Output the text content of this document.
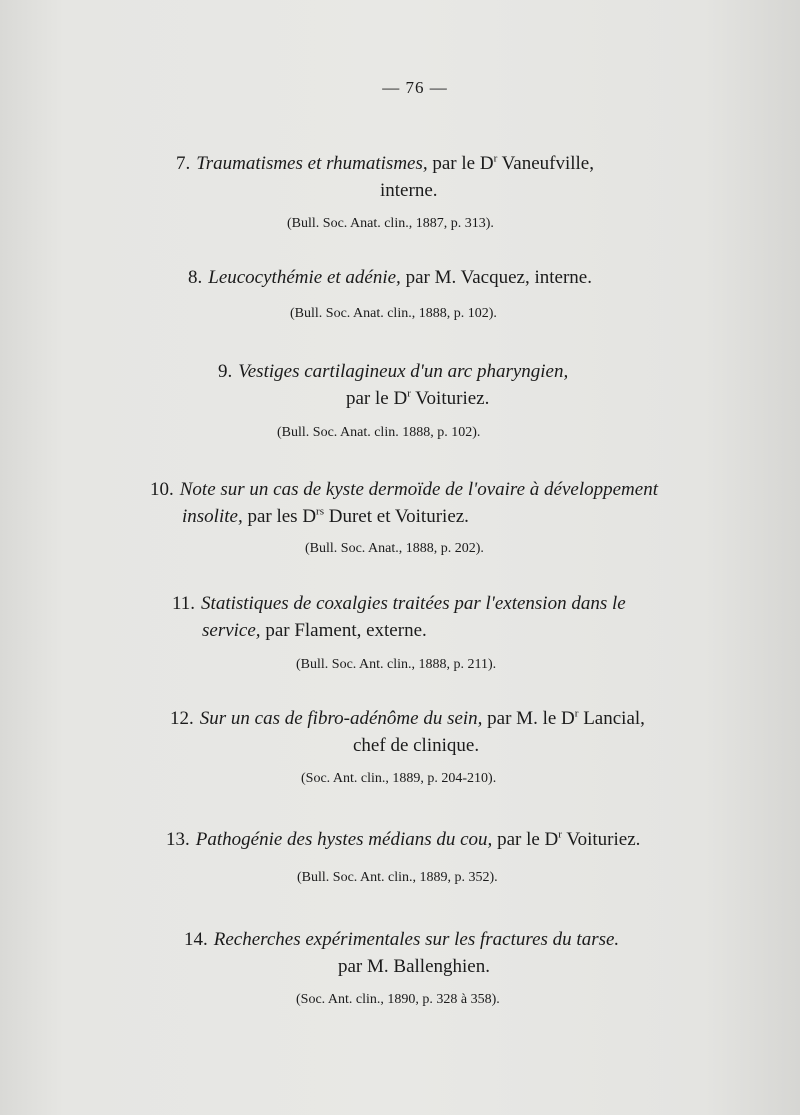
— 76 —
7. Traumatismes et rhumatismes, par le $D^r$ Vaneufville,
interne.
(Bull. Soc. Anat. clin., 1887, p. 313).
8. Leucocythémie et adénie, par M. Vacquez, interne.
(Bull. Soc. Anat. clin., 1888, p. 102).
9. Vestiges cartilagineux d'un arc pharyngien,
par le $D^r$ Voituriez.
(Bull. Soc. Anat. clin. 1888, p. 102).
10. Note sur un cas de kyste dermoïde de l'ovaire à développement
insolite, par les $D^{rs}$ Duret et Voituriez.
(Bull. Soc. Anat., 1888, p. 202).
11. Statistiques de coxalgies traitées par l'extension dans le
service, par Flament, externe.
(Bull. Soc. Ant. clin., 1888, p. 211).
12. Sur un cas de fibro-adénôme du sein, par M. le $D^r$ Lancial,
chef de clinique.
(Soc. Ant. clin., 1889, p. 204-210).
13. Pathogénie des hystes médians du cou, par le $D^r$ Voituriez.
(Bull. Soc. Ant. clin., 1889, p. 352).
14. Recherches expérimentales sur les fractures du tarse.
par M. Ballenghien.
(Soc. Ant. clin., 1890, p. 328 à 358).
